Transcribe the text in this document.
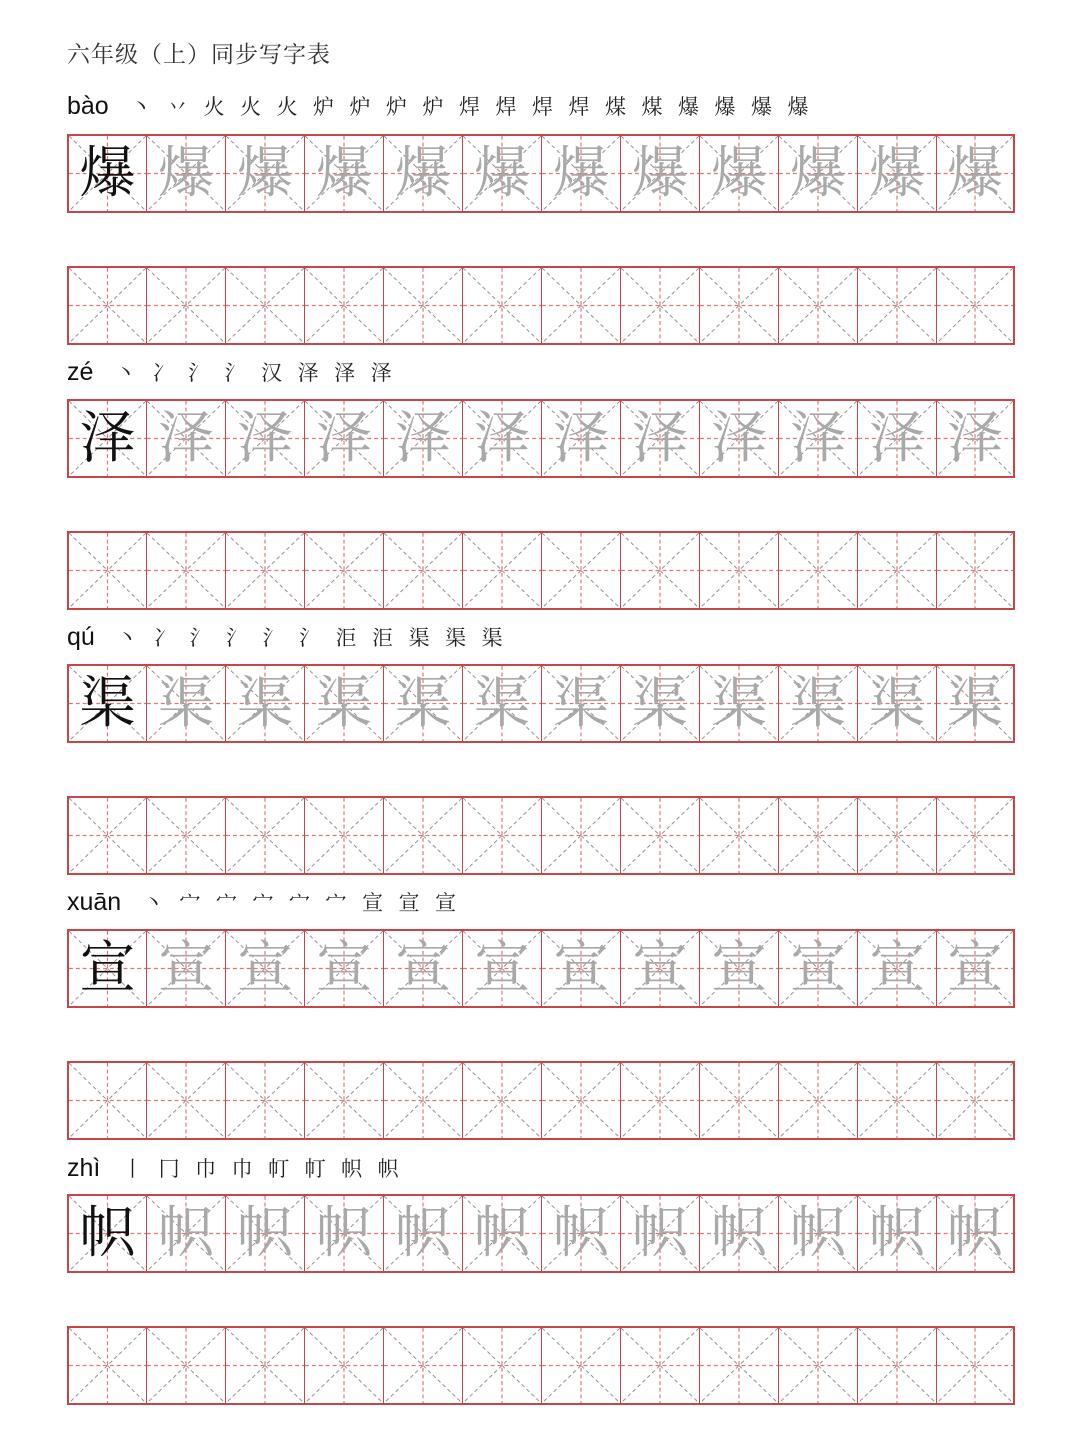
六年级（上）同步写字表
bào	丶 丷 火 火 火 炉 炉 炉 炉 焊 焊 焊 焊 煤 煤 爆 爆 爆 爆
爆 爆 爆 爆 爆 爆 爆 爆 爆 爆 爆 爆
zé	丶 冫 氵 氵 汉 泽 泽 泽
泽 泽 泽 泽 泽 泽 泽 泽 泽 泽 泽 泽
qú	丶 冫 氵 氵 氵 氵 洰 洰 渠 渠 渠
渠 渠 渠 渠 渠 渠 渠 渠 渠 渠 渠 渠
xuān	丶 宀 宀 宀 宀 宀 宣 宣 宣
宣 宣 宣 宣 宣 宣 宣 宣 宣 宣 宣 宣
zhì	丨 冂 巾 巾 帄 帄 帜 帜
帜 帜 帜 帜 帜 帜 帜 帜 帜 帜 帜 帜
